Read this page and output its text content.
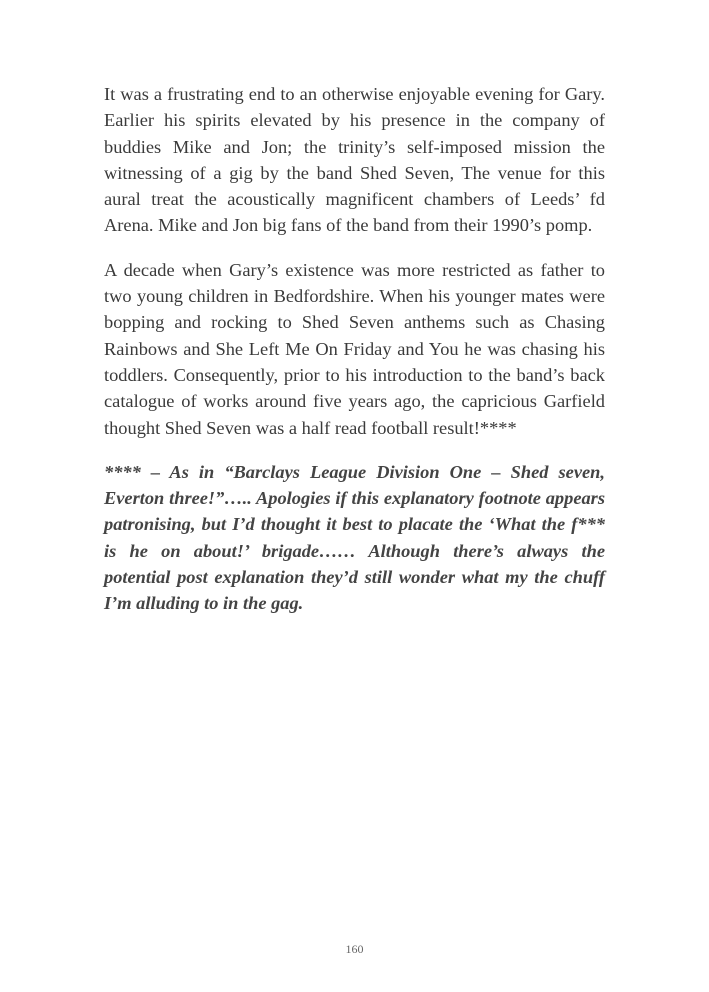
It was a frustrating end to an otherwise enjoyable evening for Gary. Earlier his spirits elevated by his presence in the company of buddies Mike and Jon; the trinity’s self-imposed mission the witnessing of a gig by the band Shed Seven, The venue for this aural treat the acoustically magnificent chambers of Leeds’ fd Arena. Mike and Jon big fans of the band from their 1990’s pomp.

A decade when Gary’s existence was more restricted as father to two young children in Bedfordshire. When his younger mates were bopping and rocking to Shed Seven anthems such as Chasing Rainbows and She Left Me On Friday and You he was chasing his toddlers. Consequently, prior to his introduction to the band’s back catalogue of works around five years ago, the capricious Garfield thought Shed Seven was a half read football result!****

**** – As in “Barclays League Division One – Shed seven, Everton three!”….. Apologies if this explanatory footnote appears patronising, but I’d thought it best to placate the ‘What the f*** is he on about!’ brigade…… Although there’s always the potential post explanation they’d still wonder what my the chuff I’m alluding to in the gag.

160
